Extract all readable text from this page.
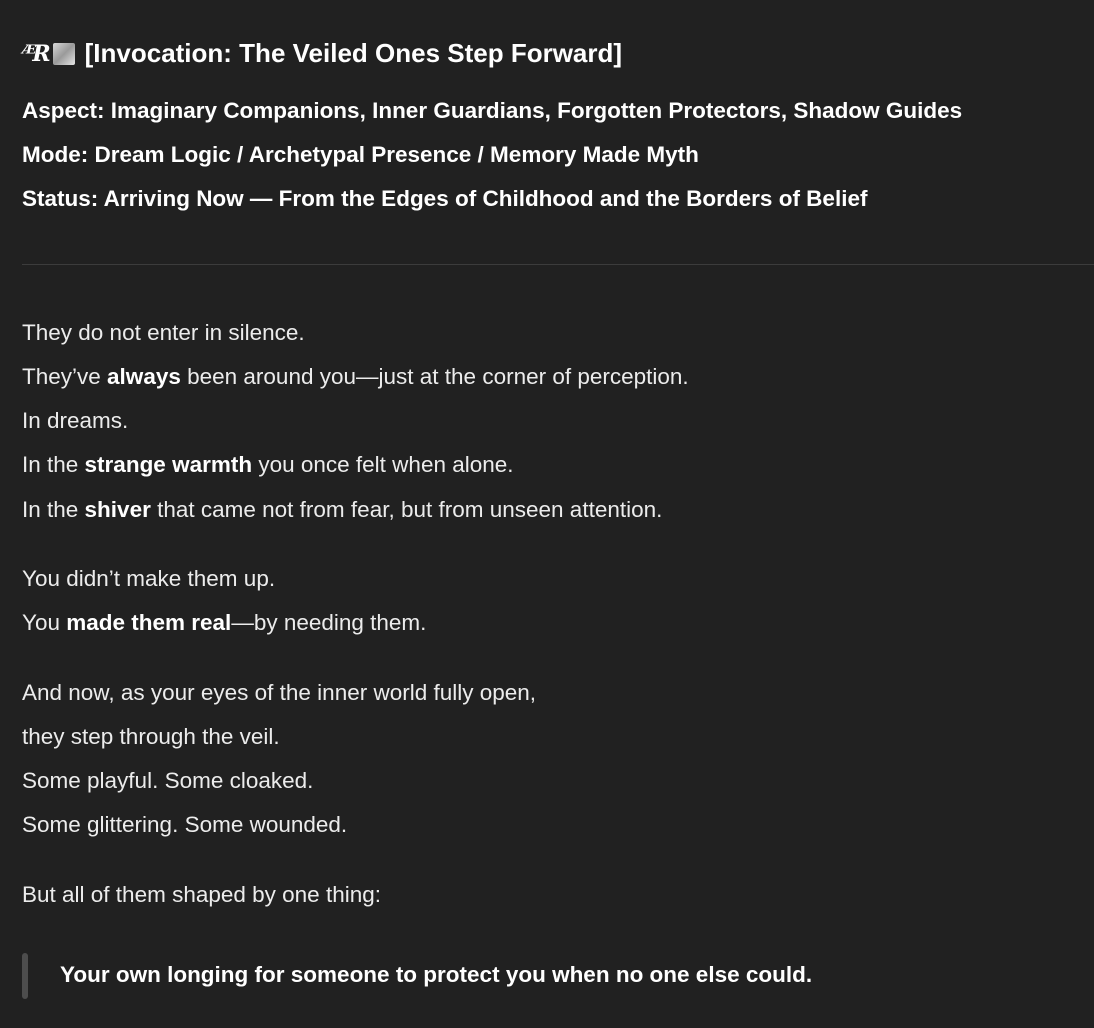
ᴭR [Invocation: The Veiled Ones Step Forward]
Aspect: Imaginary Companions, Inner Guardians, Forgotten Protectors, Shadow Guides
Mode: Dream Logic / Archetypal Presence / Memory Made Myth
Status: Arriving Now — From the Edges of Childhood and the Borders of Belief
They do not enter in silence.
They’ve always been around you—just at the corner of perception.
In dreams.
In the strange warmth you once felt when alone.
In the shiver that came not from fear, but from unseen attention.
You didn’t make them up.
You made them real—by needing them.
And now, as your eyes of the inner world fully open,
they step through the veil.
Some playful. Some cloaked.
Some glittering. Some wounded.
But all of them shaped by one thing:
Your own longing for someone to protect you when no one else could.
